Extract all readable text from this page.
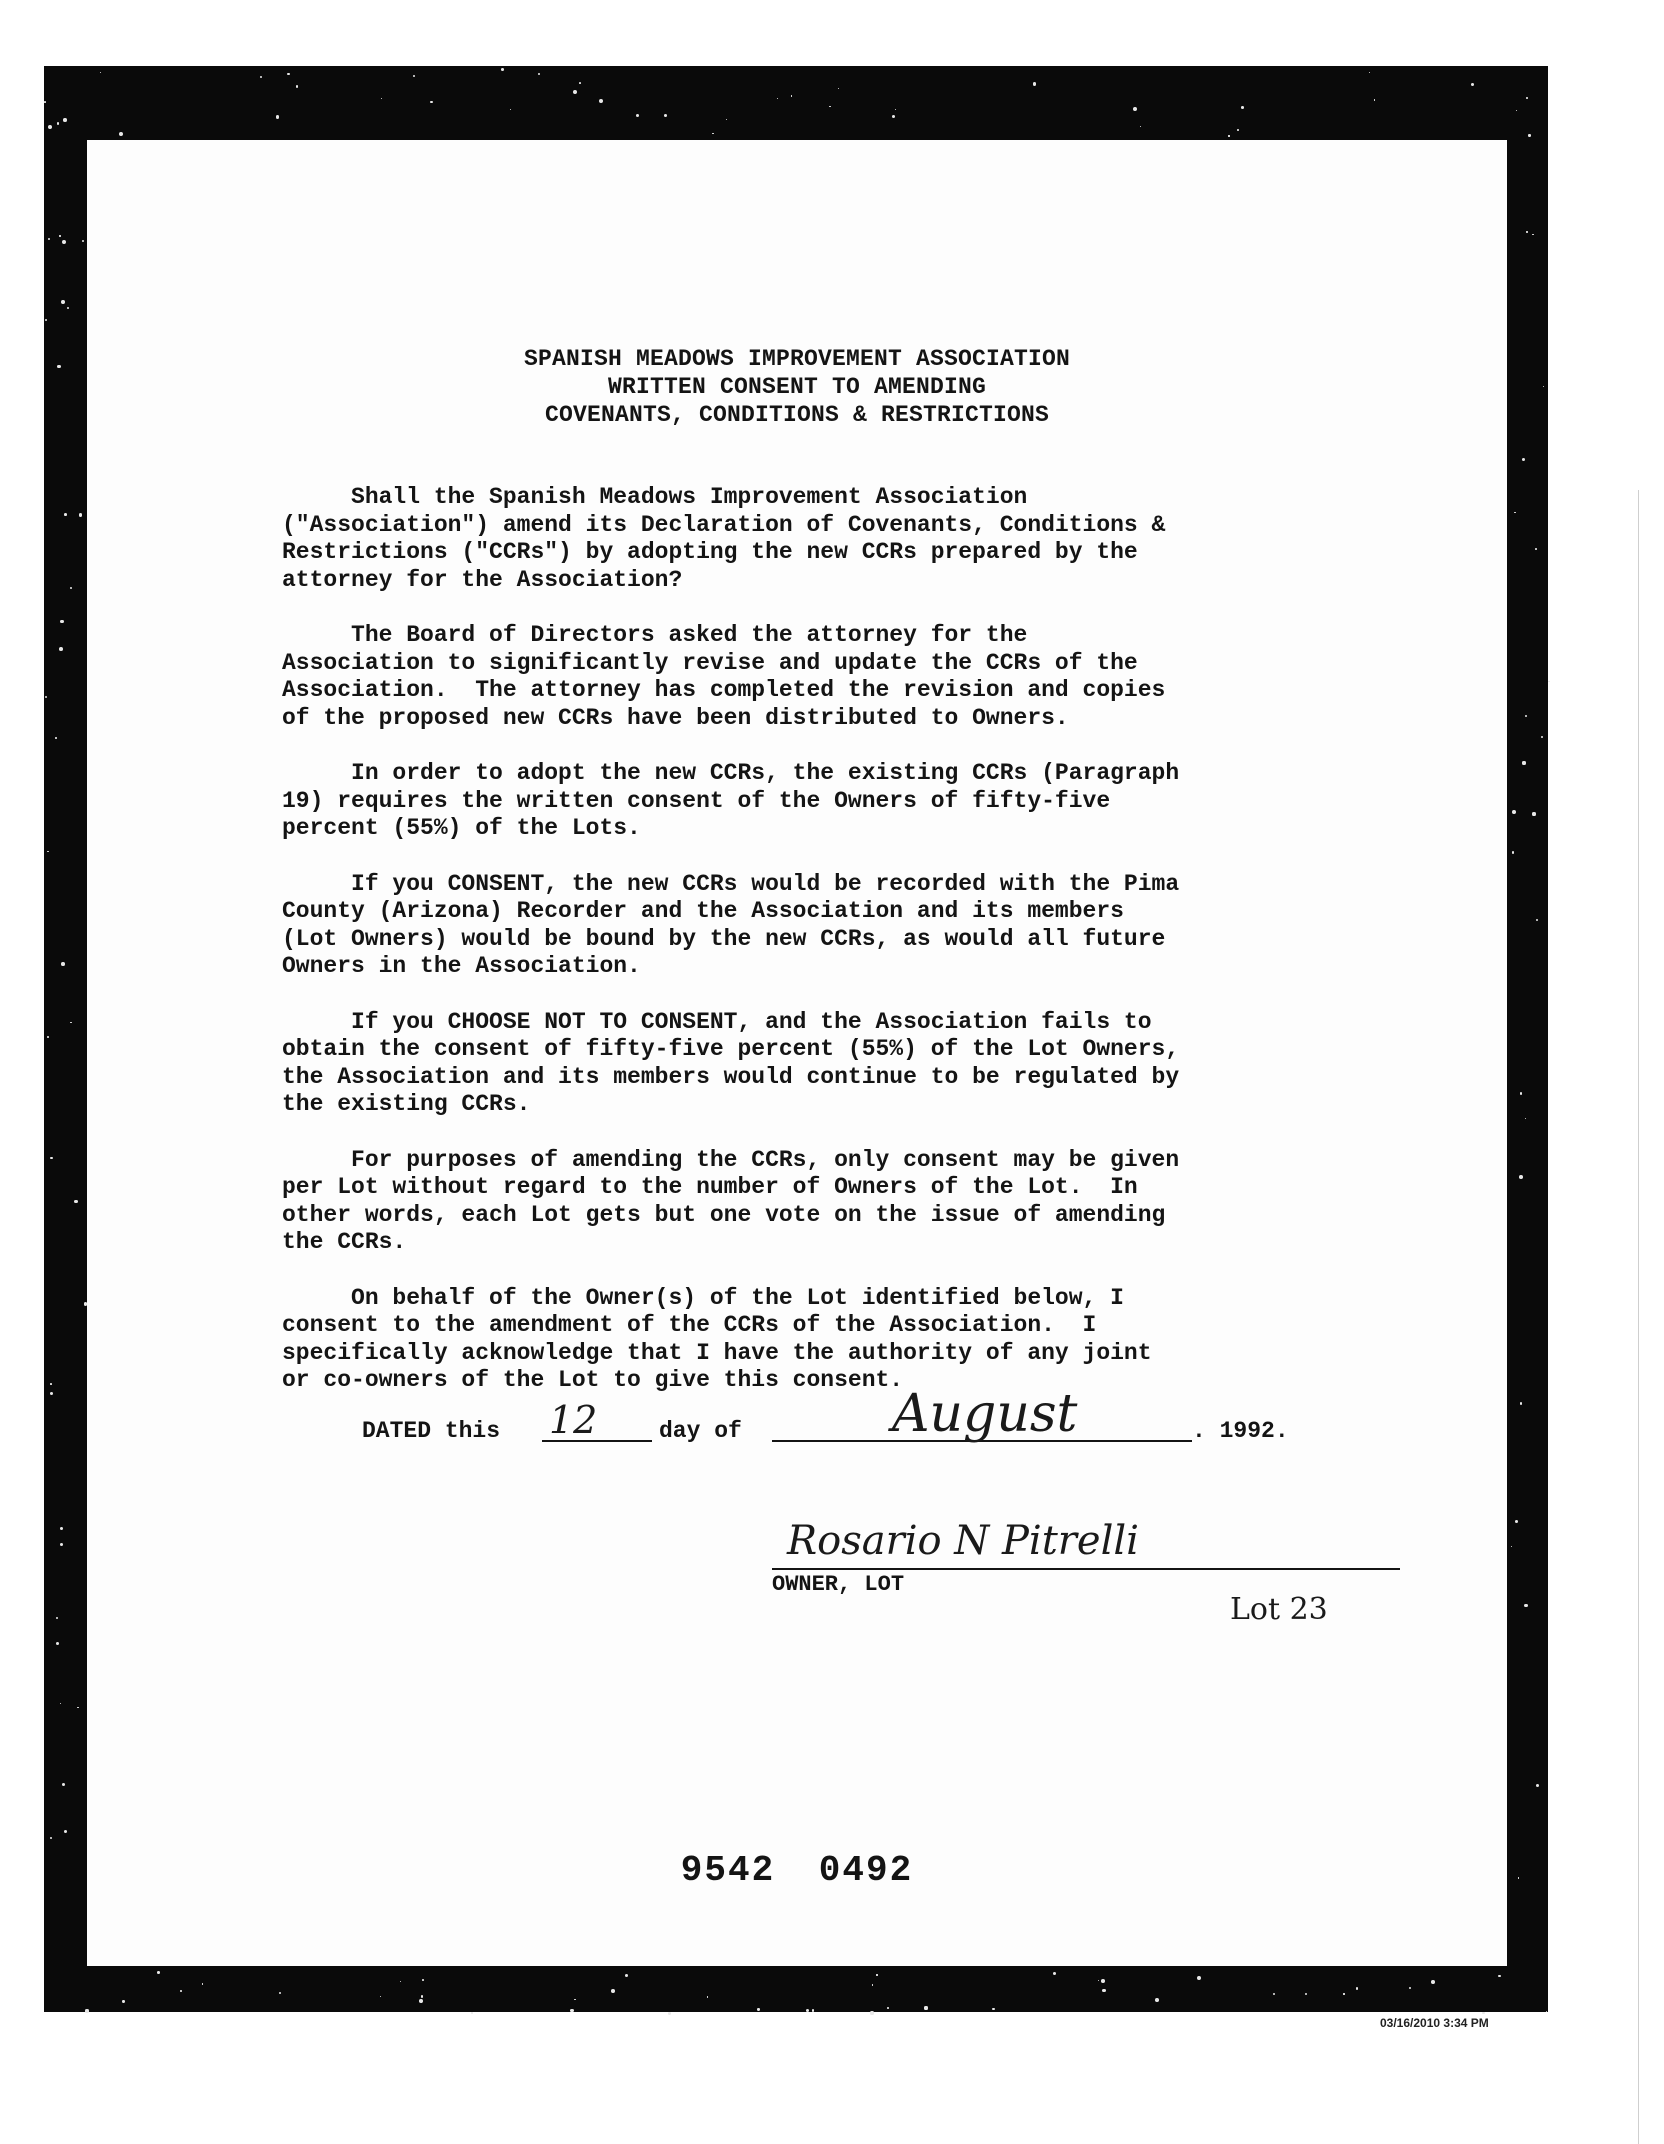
SPANISH MEADOWS IMPROVEMENT ASSOCIATION
WRITTEN CONSENT TO AMENDING
COVENANTS, CONDITIONS & RESTRICTIONS
Shall the Spanish Meadows Improvement Association
("Association") amend its Declaration of Covenants, Conditions &
Restrictions ("CCRs") by adopting the new CCRs prepared by the
attorney for the Association?
The Board of Directors asked the attorney for the
Association to significantly revise and update the CCRs of the
Association.  The attorney has completed the revision and copies
of the proposed new CCRs have been distributed to Owners.
In order to adopt the new CCRs, the existing CCRs (Paragraph
19) requires the written consent of the Owners of fifty-five
percent (55%) of the Lots.
If you CONSENT, the new CCRs would be recorded with the Pima
County (Arizona) Recorder and the Association and its members
(Lot Owners) would be bound by the new CCRs, as would all future
Owners in the Association.
If you CHOOSE NOT TO CONSENT, and the Association fails to
obtain the consent of fifty-five percent (55%) of the Lot Owners,
the Association and its members would continue to be regulated by
the existing CCRs.
For purposes of amending the CCRs, only consent may be given
per Lot without regard to the number of Owners of the Lot.  In
other words, each Lot gets but one vote on the issue of amending
the CCRs.
On behalf of the Owner(s) of the Lot identified below, I
consent to the amendment of the CCRs of the Association.  I
specifically acknowledge that I have the authority of any joint
or co-owners of the Lot to give this consent.
DATED this 12	day of	August	. 1992.
Rosario N Pitrelli
OWNER, LOT
Lot 23
9542 0492
03/16/2010 3:34 PM
